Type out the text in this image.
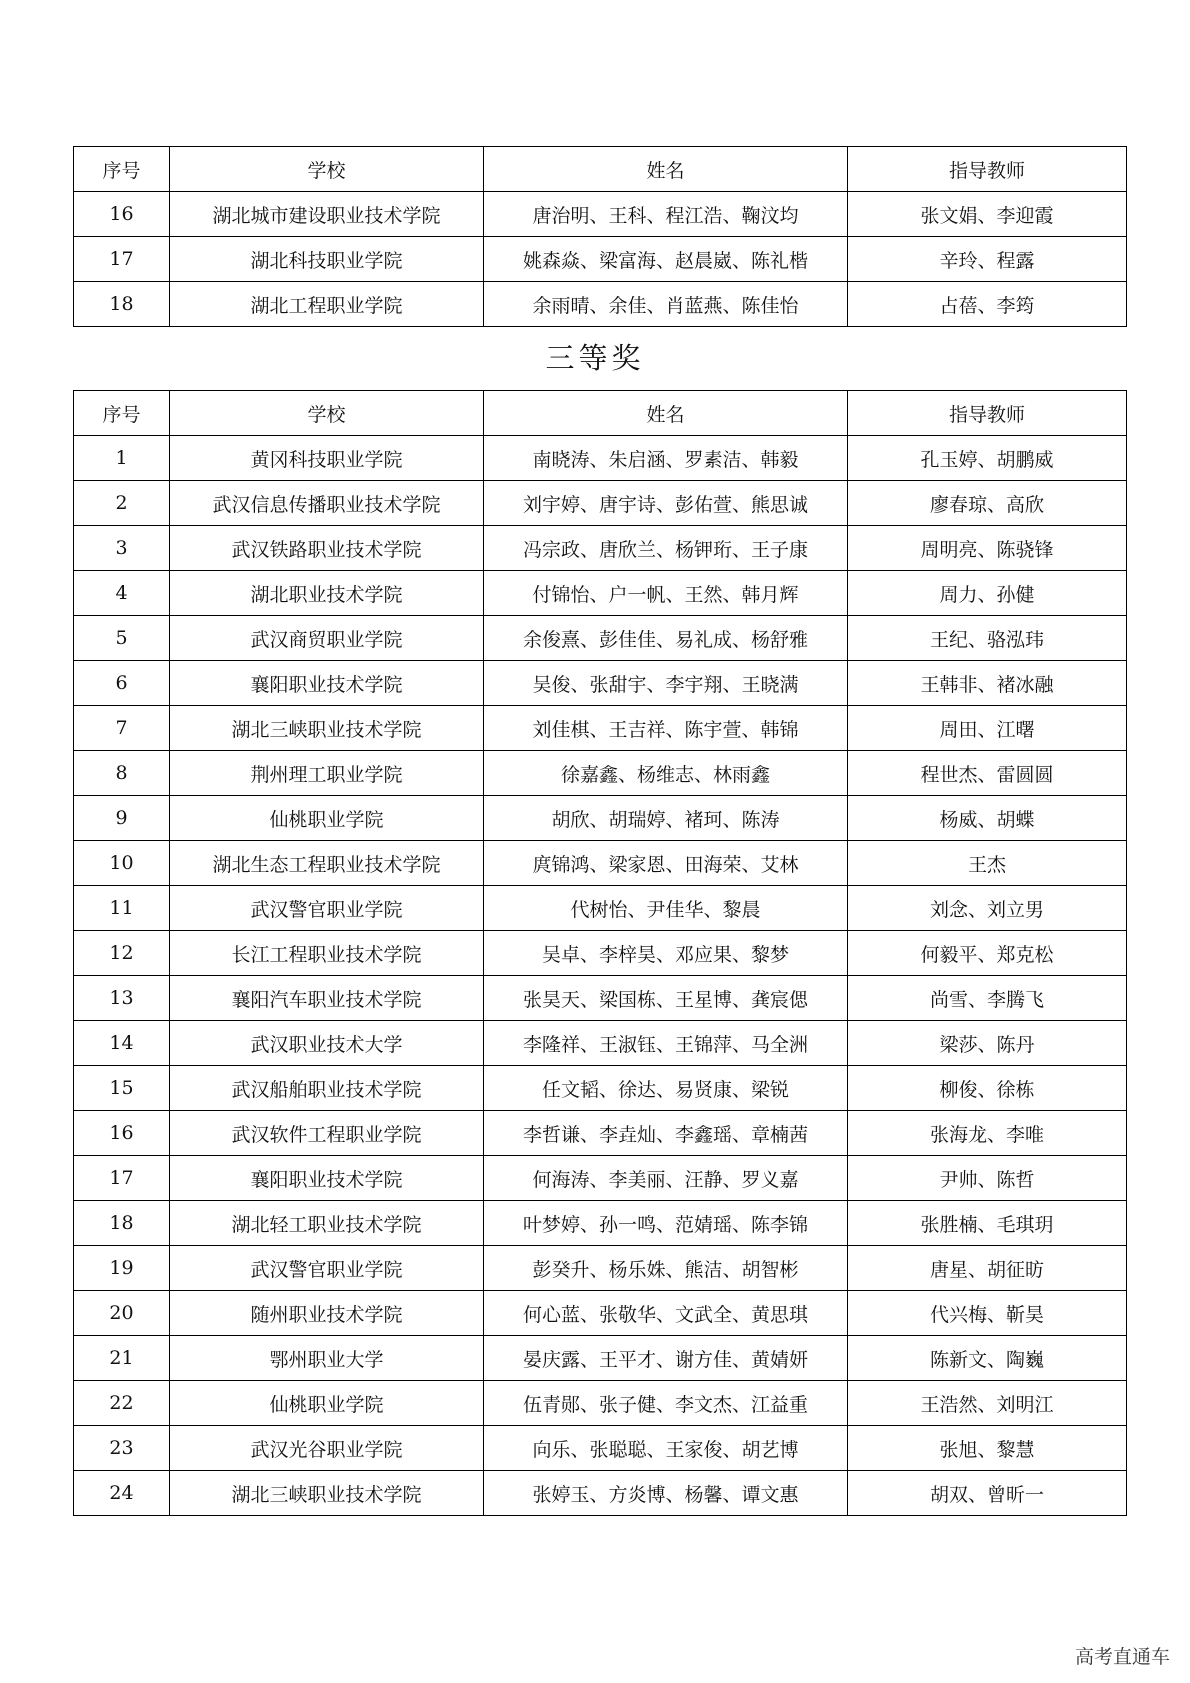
序号	学校	姓名	指导教师
16	湖北城市建设职业技术学院	唐治明、王科、程江浩、鞠汶均	张文娟、李迎霞
17	湖北科技职业学院	姚森焱、梁富海、赵晨崴、陈礼楷	辛玲、程露
18	湖北工程职业学院	余雨晴、余佳、肖蓝燕、陈佳怡	占蓓、李筠
三等奖
序号	学校	姓名	指导教师
1	黄冈科技职业学院	南晓涛、朱启涵、罗素洁、韩毅	孔玉婷、胡鹏威
2	武汉信息传播职业技术学院	刘宇婷、唐宇诗、彭佑萱、熊思诚	廖春琼、高欣
3	武汉铁路职业技术学院	冯宗政、唐欣兰、杨钾珩、王子康	周明亮、陈骁锋
4	湖北职业技术学院	付锦怡、户一帆、王然、韩月辉	周力、孙健
5	武汉商贸职业学院	余俊熹、彭佳佳、易礼成、杨舒雅	王纪、骆泓玮
6	襄阳职业技术学院	吴俊、张甜宇、李宇翔、王晓满	王韩非、褚冰融
7	湖北三峡职业技术学院	刘佳棋、王吉祥、陈宇萱、韩锦	周田、江曙
8	荆州理工职业学院	徐嘉鑫、杨维志、林雨鑫	程世杰、雷圆圆
9	仙桃职业学院	胡欣、胡瑞婷、褚珂、陈涛	杨威、胡蝶
10	湖北生态工程职业技术学院	庹锦鸿、梁家恩、田海荣、艾林	王杰
11	武汉警官职业学院	代树怡、尹佳华、黎晨	刘念、刘立男
12	长江工程职业技术学院	吴卓、李梓昊、邓应果、黎梦	何毅平、郑克松
13	襄阳汽车职业技术学院	张昊天、梁国栋、王星博、龚宸偲	尚雪、李腾飞
14	武汉职业技术大学	李隆祥、王淑钰、王锦萍、马全洲	梁莎、陈丹
15	武汉船舶职业技术学院	任文韬、徐达、易贤康、梁锐	柳俊、徐栋
16	武汉软件工程职业学院	李哲谦、李垚灿、李鑫瑶、章楠茜	张海龙、李唯
17	襄阳职业技术学院	何海涛、李美丽、汪静、罗义嘉	尹帅、陈哲
18	湖北轻工职业技术学院	叶梦婷、孙一鸣、范婧瑶、陈李锦	张胜楠、毛琪玥
19	武汉警官职业学院	彭癸升、杨乐姝、熊洁、胡智彬	唐星、胡征昉
20	随州职业技术学院	何心蓝、张敬华、文武全、黄思琪	代兴梅、靳昊
21	鄂州职业大学	晏庆露、王平才、谢方佳、黄婧妍	陈新文、陶巍
22	仙桃职业学院	伍青郧、张子健、李文杰、江益重	王浩然、刘明江
23	武汉光谷职业学院	向乐、张聪聪、王家俊、胡艺博	张旭、黎慧
24	湖北三峡职业技术学院	张婷玉、方炎博、杨馨、谭文惠	胡双、曾昕一
高考直通车
